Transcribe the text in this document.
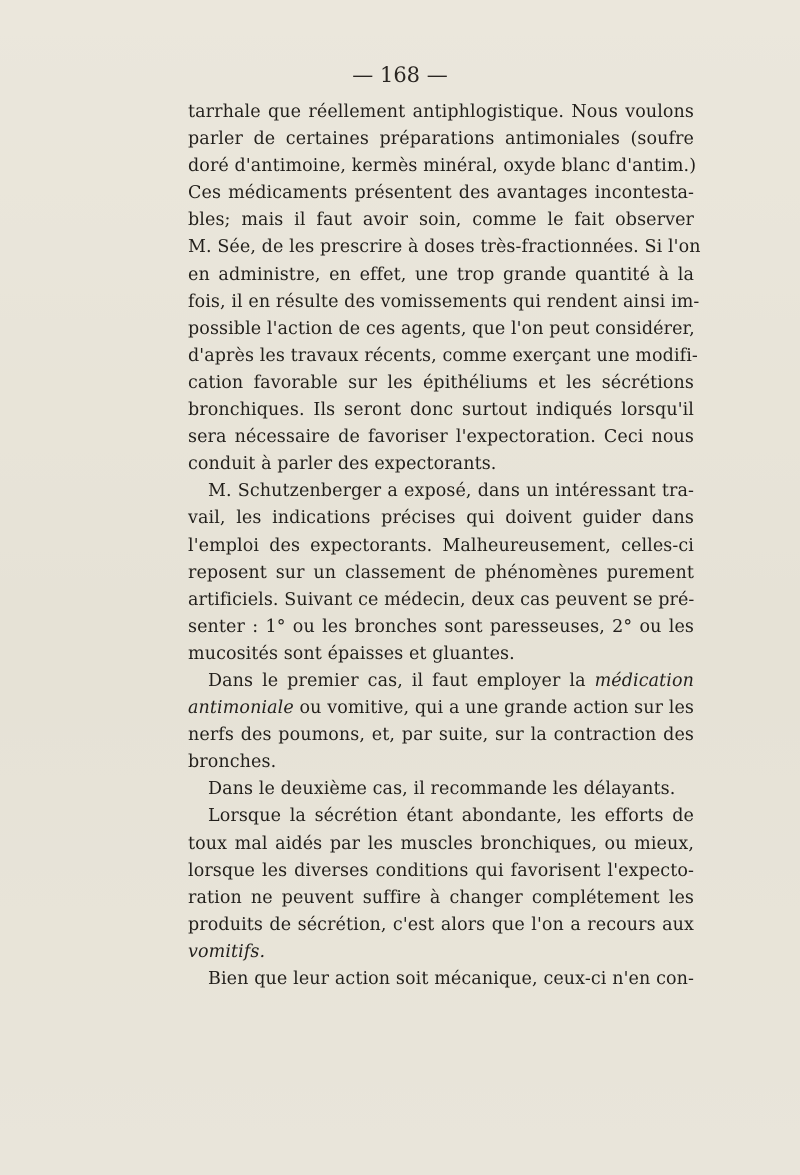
— 168 —
tarrhale que réellement antiphlogistique. Nous voulons
parler de certaines préparations antimoniales (soufre
doré d'antimoine, kermès minéral, oxyde blanc d'antim.)
Ces médicaments présentent des avantages incontesta-
bles; mais il faut avoir soin, comme le fait observer
M. Sée, de les prescrire à doses très-fractionnées. Si l'on
en administre, en effet, une trop grande quantité à la
fois, il en résulte des vomissements qui rendent ainsi im-
possible l'action de ces agents, que l'on peut considérer,
d'après les travaux récents, comme exerçant une modifi-
cation favorable sur les épithéliums et les sécrétions
bronchiques. Ils seront donc surtout indiqués lorsqu'il
sera nécessaire de favoriser l'expectoration. Ceci nous
conduit à parler des expectorants.
M. Schutzenberger a exposé, dans un intéressant tra-
vail, les indications précises qui doivent guider dans
l'emploi des expectorants. Malheureusement, celles-ci
reposent sur un classement de phénomènes purement
artificiels. Suivant ce médecin, deux cas peuvent se pré-
senter : 1° ou les bronches sont paresseuses, 2° ou les
mucosités sont épaisses et gluantes.
Dans le premier cas, il faut employer la médication
antimoniale ou vomitive, qui a une grande action sur les
nerfs des poumons, et, par suite, sur la contraction des
bronches.
Dans le deuxième cas, il recommande les délayants.
Lorsque la sécrétion étant abondante, les efforts de
toux mal aidés par les muscles bronchiques, ou mieux,
lorsque les diverses conditions qui favorisent l'expecto-
ration ne peuvent suffire à changer complétement les
produits de sécrétion, c'est alors que l'on a recours aux
vomitifs.
Bien que leur action soit mécanique, ceux-ci n'en con-
